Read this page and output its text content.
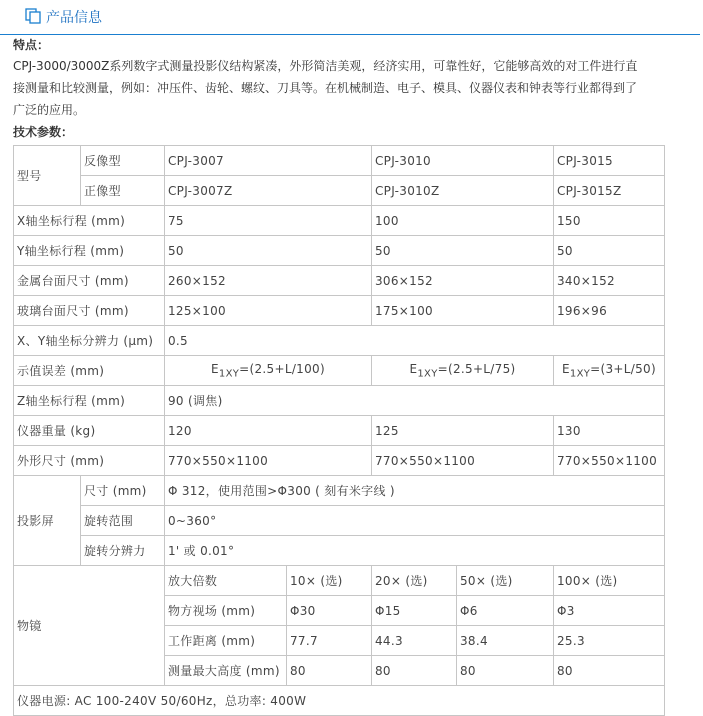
产品信息
特点：
CPJ-3000/3000Z系列数字式测量投影仪结构紧凑，外形简洁美观，经济实用，可靠性好，它能够高效的对工件进行直
接测量和比较测量，例如：冲压件、齿轮、螺纹、刀具等。在机械制造、电子、模具、仪器仪表和钟表等行业都得到了
广泛的应用。
技术参数：
型号	反像型	CPJ-3007		CPJ-3010		CPJ-3015
	正像型	CPJ-3007Z		CPJ-3010Z		CPJ-3015Z
X轴坐标行程 (mm)		75		100		150
Y轴坐标行程 (mm)		50		50		50
金属台面尺寸 (mm)		260×152		306×152		340×152
玻璃台面尺寸 (mm)		125×100		175×100		196×96
X、Y轴坐标分辨力 (μm)		0.5				
示值误差 (mm)		$E_{1XY}=(2.5+L/100)$		$E_{1XY}=(2.5+L/75)$		$E_{1XY}=(3+L/50)$
Z轴坐标行程 (mm)		90 (调焦)				
仪器重量 (kg)		120		125		130
外形尺寸 (mm)		770×550×1100		770×550×1100		770×550×1100
投影屏	尺寸 (mm)	Φ 312，使用范围>Φ300 ( 刻有米字线 )				
	旋转范围	0~360°				
	旋转分辨力	1' 或 0.01°				
物镜		放大倍数	10× (选)	20× (选)	50× (选)	100× (选)
		物方视场 (mm)	Φ30	Φ15	Φ6	Φ3
		工作距离 (mm)	77.7	44.3	38.4	25.3
		测量最大高度 (mm)	80	80	80	80
仪器电源: AC 100-240V 50/60Hz，总功率: 400W						
